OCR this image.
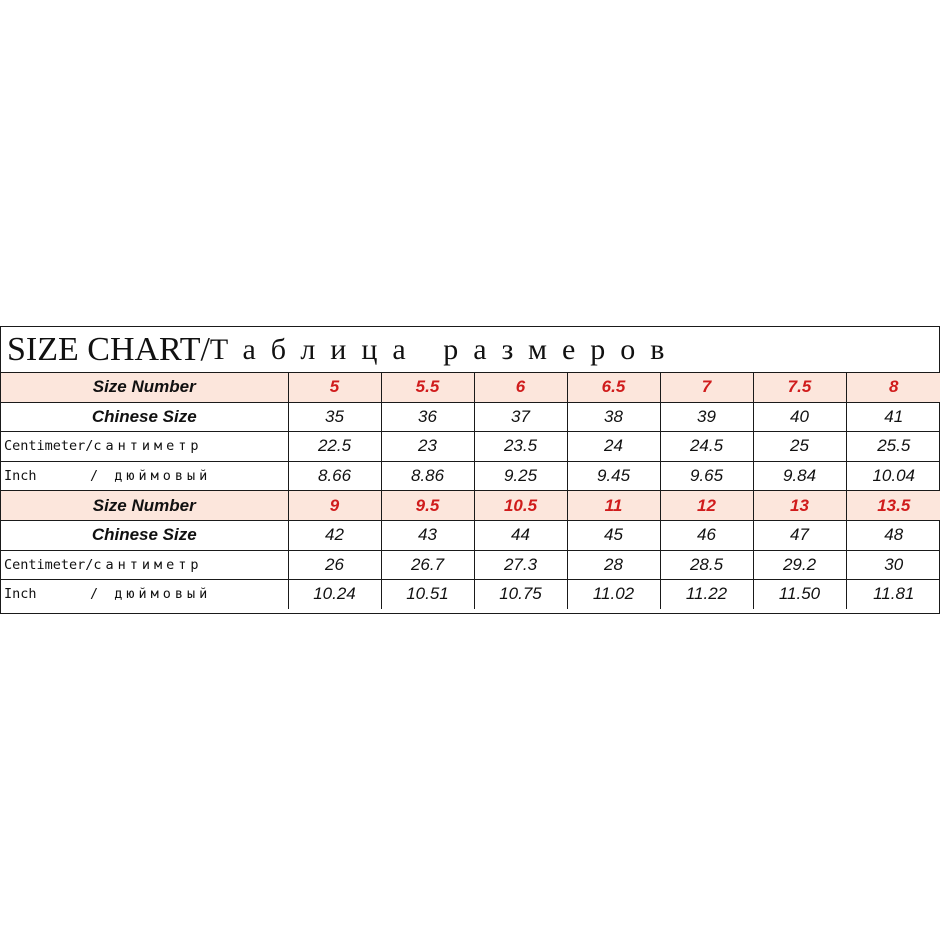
SIZE CHART/ Таблица размеров
Size Number	5	5.5	6	6.5	7	7.5	8
Chinese Size	35	36	37	38	39	40	41
Centimeter/сантиметр	22.5	23	23.5	24	24.5	25	25.5
Inch / дюймовый	8.66	8.86	9.25	9.45	9.65	9.84	10.04
Size Number	9	9.5	10.5	11	12	13	13.5
Chinese Size	42	43	44	45	46	47	48
Centimeter/сантиметр	26	26.7	27.3	28	28.5	29.2	30
Inch / дюймовый	10.24	10.51	10.75	11.02	11.22	11.50	11.81
